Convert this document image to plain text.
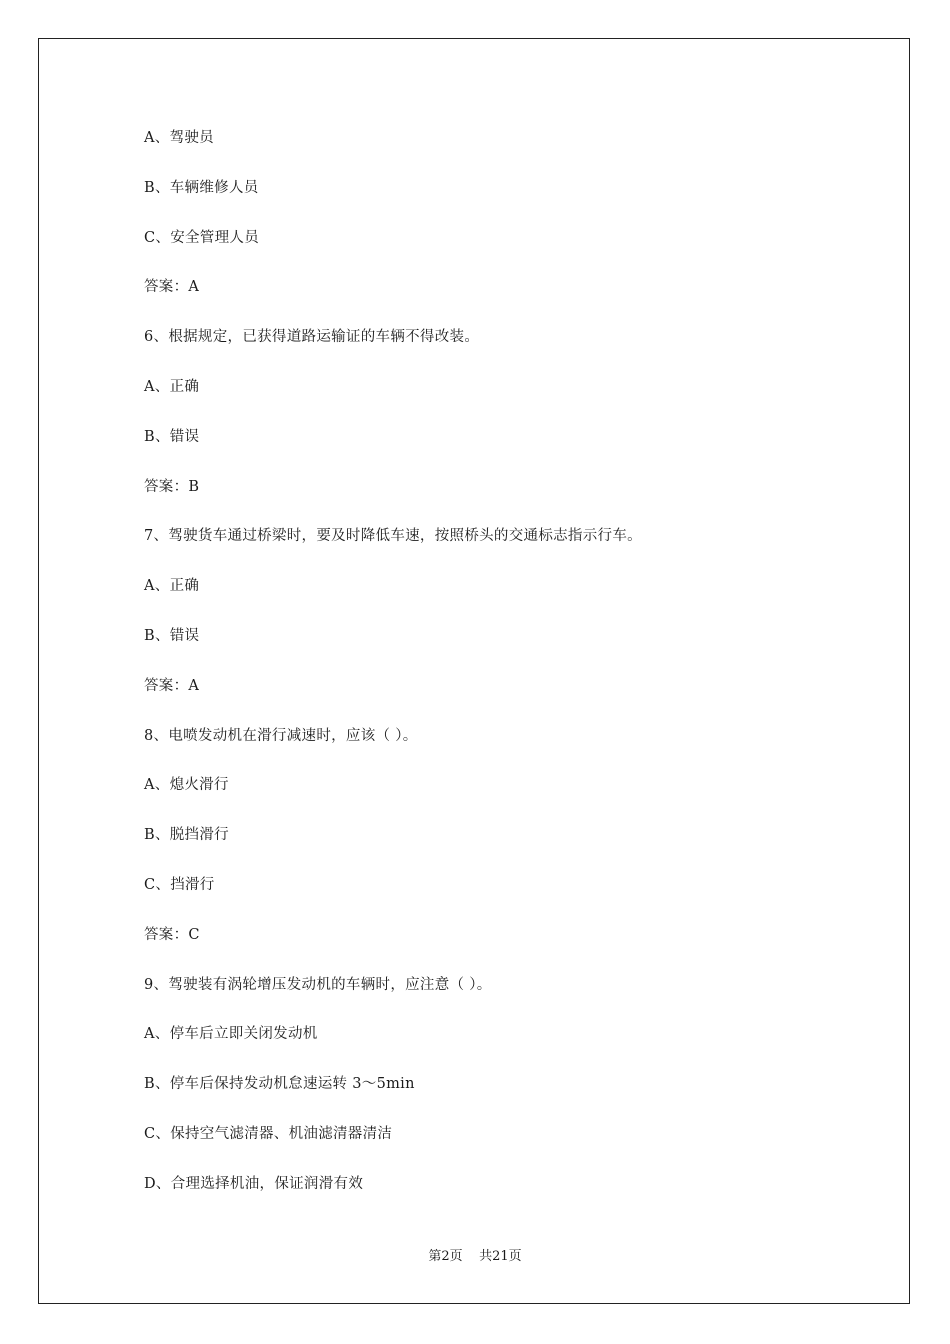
A、驾驶员
B、车辆维修人员
C、安全管理人员
答案：A
6、根据规定，已获得道路运输证的车辆不得改装。
A、正确
B、错误
答案：B
7、驾驶货车通过桥梁时，要及时降低车速，按照桥头的交通标志指示行车。
A、正确
B、错误
答案：A
8、电喷发动机在滑行减速时，应该（ ）。
A、熄火滑行
B、脱挡滑行
C、挡滑行
答案：C
9、驾驶装有涡轮增压发动机的车辆时，应注意（ ）。
A、停车后立即关闭发动机
B、停车后保持发动机怠速运转 3～5min
C、保持空气滤清器、机油滤清器清洁
D、合理选择机油，保证润滑有效
第2页 共21页
